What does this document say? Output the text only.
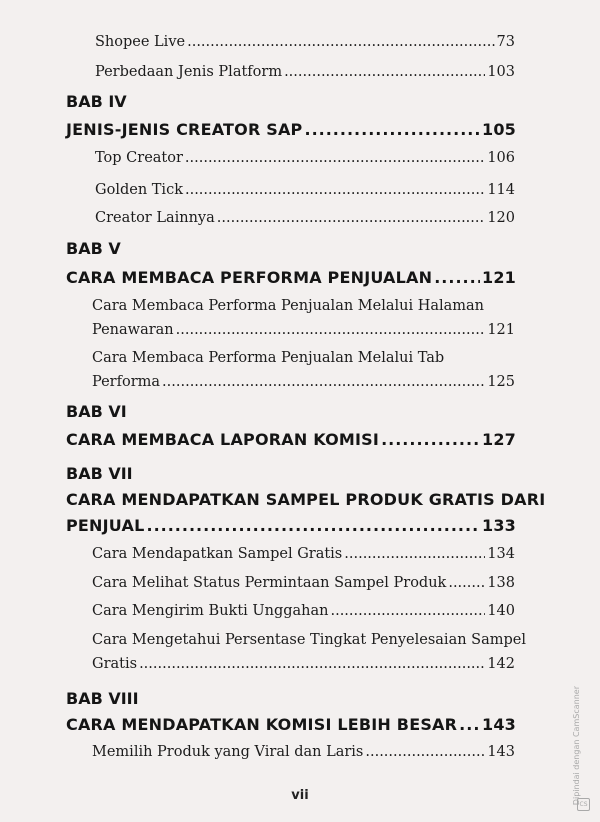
Shopee Live .....	73
Perbedaan Jenis Platform .....	103
BAB IV
JENIS-JENIS CREATOR SAP .....	105
Top Creator .....	106
Golden Tick .....	114
Creator Lainnya .....	120
BAB V
CARA MEMBACA PERFORMA PENJUALAN .....	121
Cara Membaca Performa Penjualan Melalui Halaman
Penawaran .....	121
Cara Membaca Performa Penjualan Melalui Tab
Performa .....	125
BAB VI
CARA MEMBACA LAPORAN KOMISI .....	127
BAB VII
CARA MENDAPATKAN SAMPEL PRODUK GRATIS DARI
PENJUAL .....	133
Cara Mendapatkan Sampel Gratis .....	134
Cara Melihat Status Permintaan Sampel Produk .....	138
Cara Mengirim Bukti Unggahan .....	140
Cara Mengetahui Persentase Tingkat Penyelesaian Sampel
Gratis .....	142
BAB VIII
CARA MENDAPATKAN KOMISI LEBIH BESAR ..... 143
Memilih Produk yang Viral dan Laris .....	143
vii	Dipindai dengan CamScanner
CS
